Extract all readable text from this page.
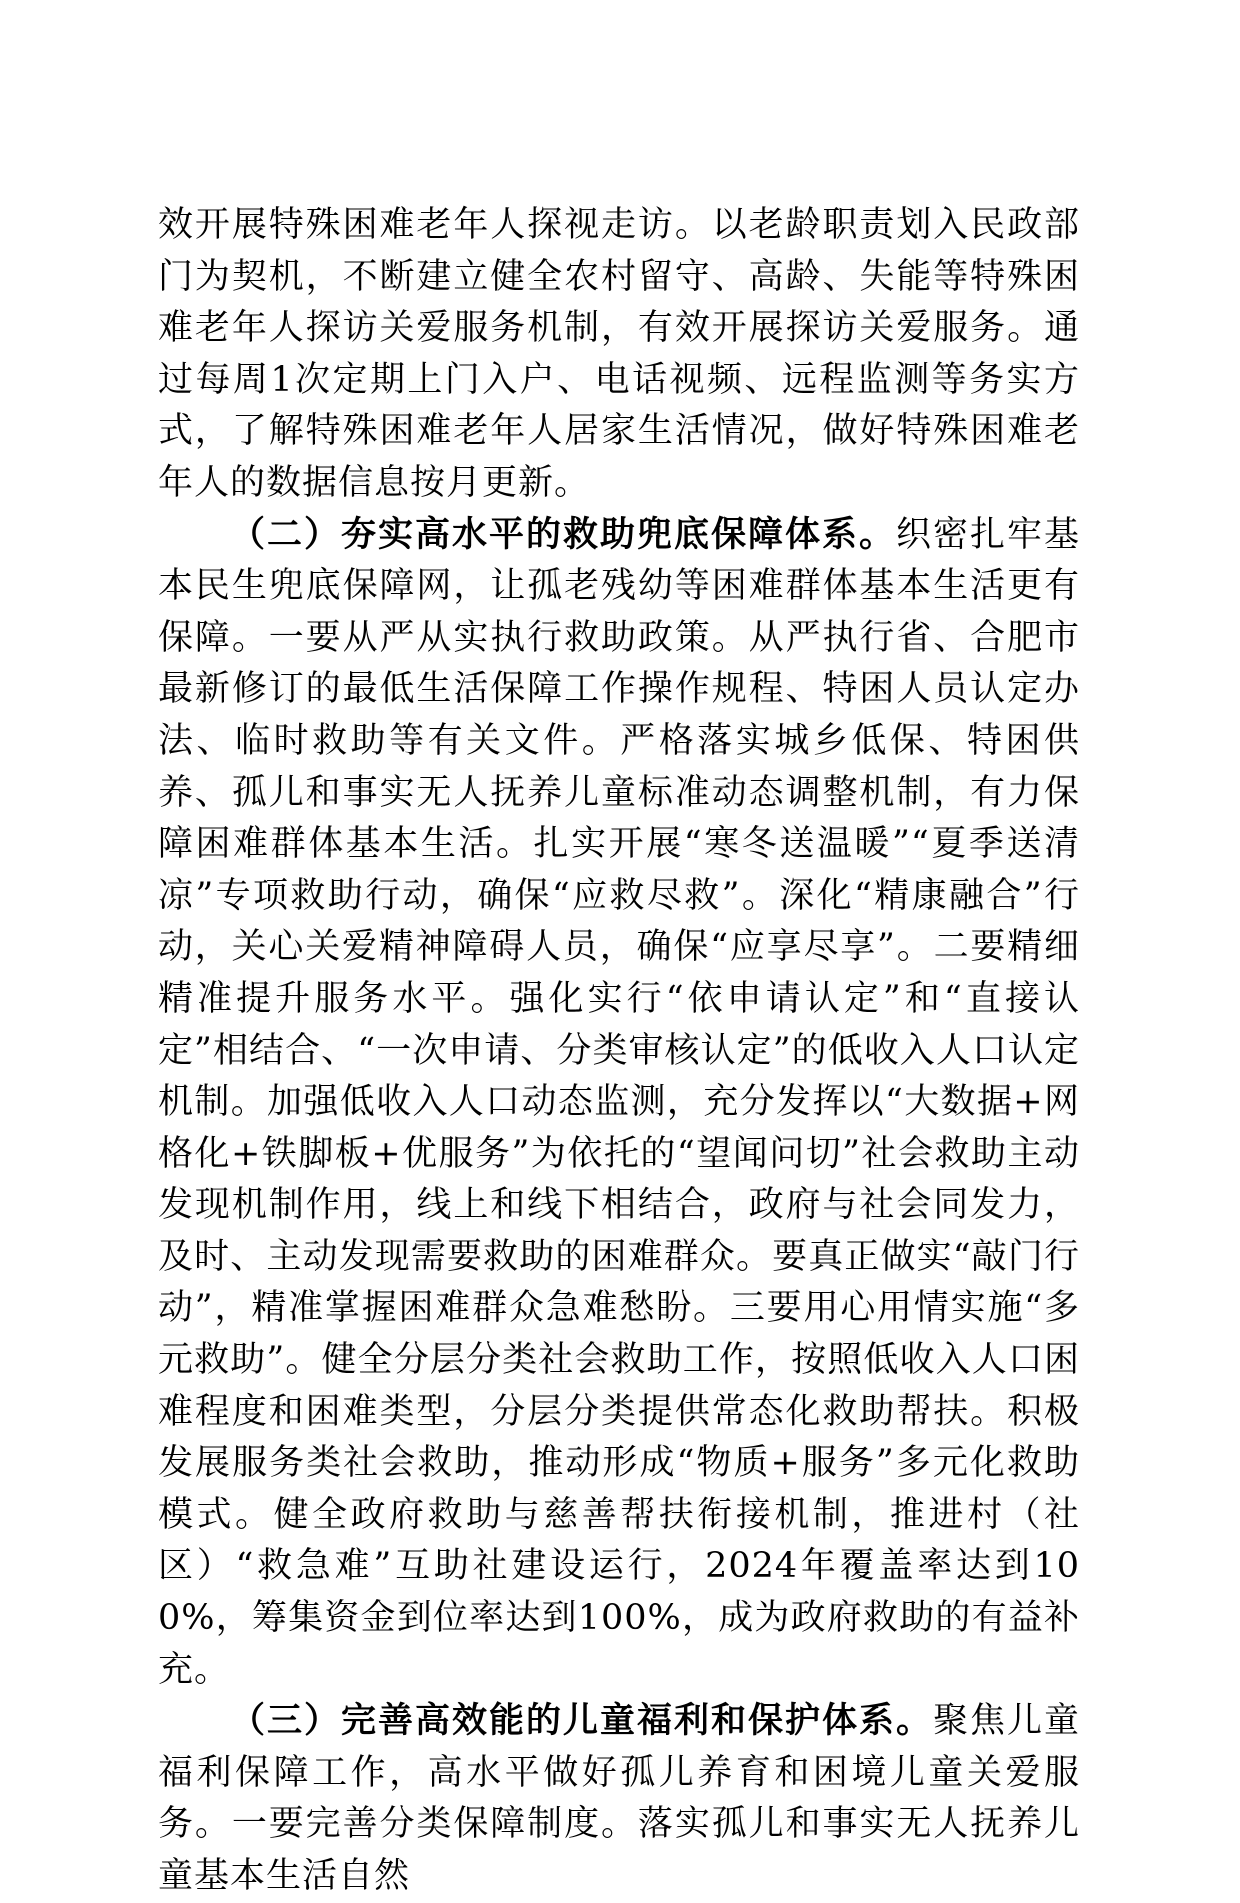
效开展特殊困难老年人探视走访。以老龄职责划入民政部门为契机，不断建立健全农村留守、高龄、失能等特殊困难老年人探访关爱服务机制，有效开展探访关爱服务。通过每周1次定期上门入户、电话视频、远程监测等务实方式，了解特殊困难老年人居家生活情况，做好特殊困难老年人的数据信息按月更新。

（二）夯实高水平的救助兜底保障体系。织密扎牢基本民生兜底保障网，让孤老残幼等困难群体基本生活更有保障。一要从严从实执行救助政策。从严执行省、合肥市最新修订的最低生活保障工作操作规程、特困人员认定办法、临时救助等有关文件。严格落实城乡低保、特困供养、孤儿和事实无人抚养儿童标准动态调整机制，有力保障困难群体基本生活。扎实开展“寒冬送温暖”“夏季送清凉”专项救助行动，确保“应救尽救”。深化“精康融合”行动，关心关爱精神障碍人员，确保“应享尽享”。二要精细精准提升服务水平。强化实行“依申请认定”和“直接认定”相结合、“一次申请、分类审核认定”的低收入人口认定机制。加强低收入人口动态监测，充分发挥以“大数据+网格化+铁脚板+优服务”为依托的“望闻问切”社会救助主动发现机制作用，线上和线下相结合，政府与社会同发力，及时、主动发现需要救助的困难群众。要真正做实“敲门行动”，精准掌握困难群众急难愁盼。三要用心用情实施“多元救助”。健全分层分类社会救助工作，按照低收入人口困难程度和困难类型，分层分类提供常态化救助帮扶。积极发展服务类社会救助，推动形成“物质+服务”多元化救助模式。健全政府救助与慈善帮扶衔接机制，推进村（社区）“救急难”互助社建设运行，2024年覆盖率达到100%，筹集资金到位率达到100%，成为政府救助的有益补充。

（三）完善高效能的儿童福利和保护体系。聚焦儿童福利保障工作，高水平做好孤儿养育和困境儿童关爱服务。一要完善分类保障制度。落实孤儿和事实无人抚养儿童基本生活自然
